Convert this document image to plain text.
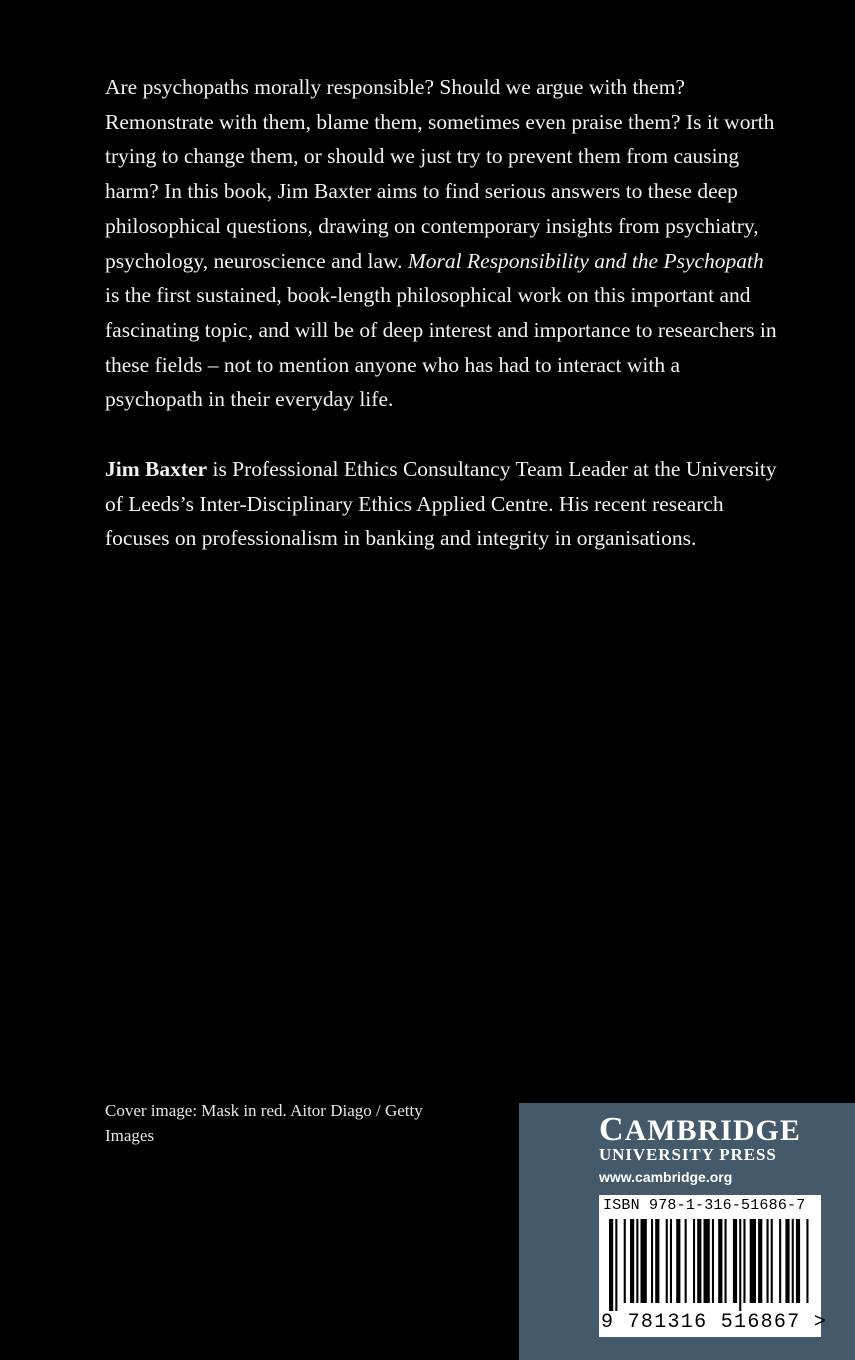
Are psychopaths morally responsible? Should we argue with them? Remonstrate with them, blame them, sometimes even praise them? Is it worth trying to change them, or should we just try to prevent them from causing harm? In this book, Jim Baxter aims to find serious answers to these deep philosophical questions, drawing on contemporary insights from psychiatry, psychology, neuroscience and law. Moral Responsibility and the Psychopath is the first sustained, book-length philosophical work on this important and fascinating topic, and will be of deep interest and importance to researchers in these fields – not to mention anyone who has had to interact with a psychopath in their everyday life.

Jim Baxter is Professional Ethics Consultancy Team Leader at the University of Leeds’s Inter-Disciplinary Ethics Applied Centre. His recent research focuses on professionalism in banking and integrity in organisations.

Cover image: Mask in red. Aitor Diago / Getty Images	CAMBRIDGE
UNIVERSITY PRESS
www.cambridge.org
ISBN 978-1-316-51686-7
9 781316 516867 >
